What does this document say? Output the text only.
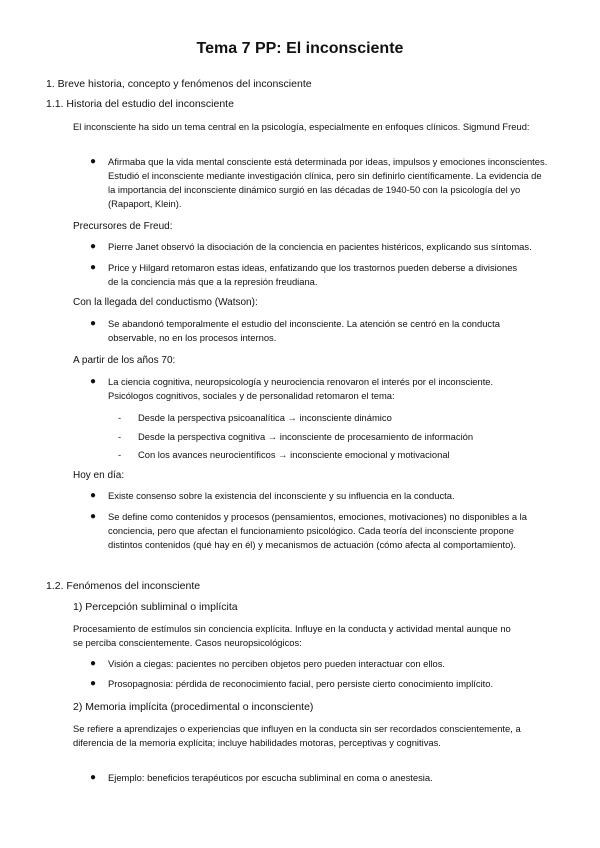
Tema 7 PP: El inconsciente

1. Breve historia, concepto y fenómenos del inconsciente

1.1. Historia del estudio del inconsciente

El inconsciente ha sido un tema central en la psicología, especialmente en enfoques clínicos. Sigmund Freud:

● Afirmaba que la vida mental consciente está determinada por ideas, impulsos y emociones inconscientes. Estudió el inconsciente mediante investigación clínica, pero sin definirlo científicamente. La evidencia de la importancia del inconsciente dinámico surgió en las décadas de 1940-50 con la psicología del yo (Rapaport, Klein).

Precursores de Freud:

● Pierre Janet observó la disociación de la conciencia en pacientes histéricos, explicando sus síntomas.

● Price y Hilgard retomaron estas ideas, enfatizando que los trastornos pueden deberse a divisiones de la conciencia más que a la represión freudiana.

Con la llegada del conductismo (Watson):

● Se abandonó temporalmente el estudio del inconsciente. La atención se centró en la conducta observable, no en los procesos internos.

A partir de los años 70:

● La ciencia cognitiva, neuropsicología y neurociencia renovaron el interés por el inconsciente. Psicólogos cognitivos, sociales y de personalidad retomaron el tema:

- Desde la perspectiva psicoanalítica → inconsciente dinámico

- Desde la perspectiva cognitiva → inconsciente de procesamiento de información

- Con los avances neurocientíficos → inconsciente emocional y motivacional

Hoy en día:

● Existe consenso sobre la existencia del inconsciente y su influencia en la conducta.

● Se define como contenidos y procesos (pensamientos, emociones, motivaciones) no disponibles a la conciencia, pero que afectan el funcionamiento psicológico. Cada teoría del inconsciente propone distintos contenidos (qué hay en él) y mecanismos de actuación (cómo afecta al comportamiento).

1.2. Fenómenos del inconsciente

1) Percepción subliminal o implícita

Procesamiento de estímulos sin conciencia explícita. Influye en la conducta y actividad mental aunque no se perciba conscientemente. Casos neuropsicológicos:

● Visión a ciegas: pacientes no perciben objetos pero pueden interactuar con ellos.

● Prosopagnosia: pérdida de reconocimiento facial, pero persiste cierto conocimiento implícito.

2) Memoria implícita (procedimental o inconsciente)

Se refiere a aprendizajes o experiencias que influyen en la conducta sin ser recordados conscientemente, a diferencia de la memoria explícita; incluye habilidades motoras, perceptivas y cognitivas.

● Ejemplo: beneficios terapéuticos por escucha subliminal en coma o anestesia.
